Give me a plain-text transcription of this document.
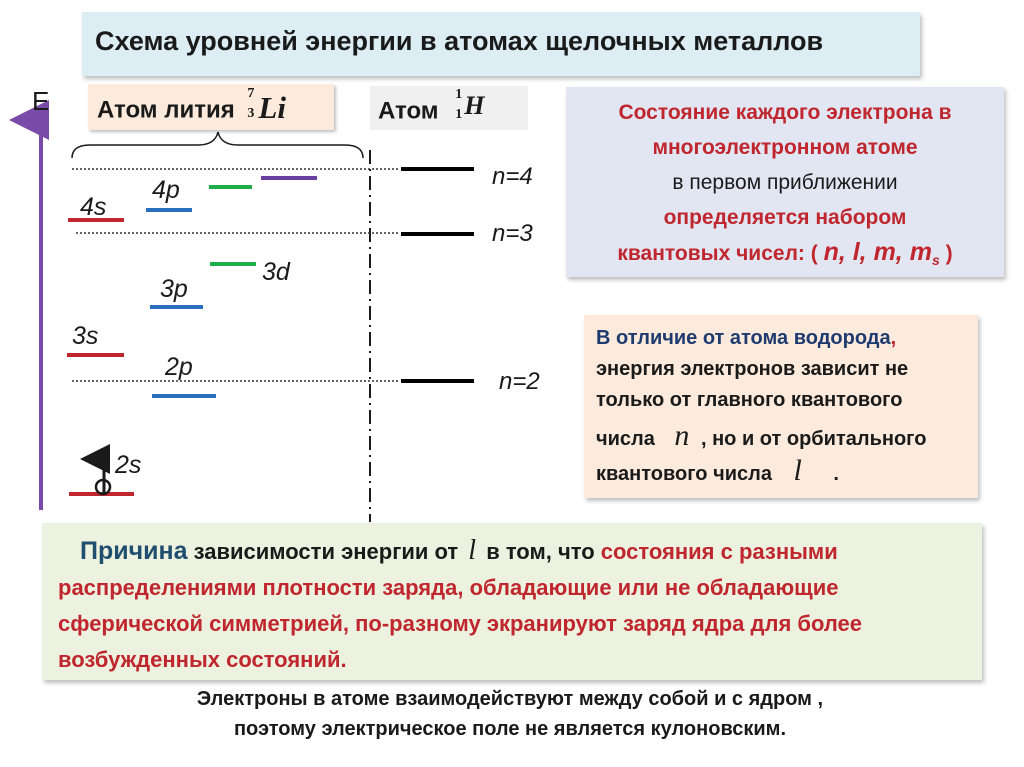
Схема уровней энергии в атомах щелочных металлов
E Атом лития
7
3 Li	Атом
1
1 H
4s
4p
3p
3d
3s
2p
2s
n=4
n=3
n=2
Состояние каждого электрона в
многоэлектронном атоме
в первом приближении
определяется набором
квантовых чисел: ( n, l, m, $m_s$ )
В отличие от атома водорода,
энергия электронов зависит не
только от главного квантового
числа n , но и от орбитального
квантового числа l .
Причина зависимости энергии от l в том, что состояния с разными
распределениями плотности заряда, обладающие или не обладающие
сферической симметрией, по-разному экранируют заряд ядра для более
возбужденных состояний.
Электроны в атоме взаимодействуют между собой и с ядром ,
поэтому электрическое поле не является кулоновским.
